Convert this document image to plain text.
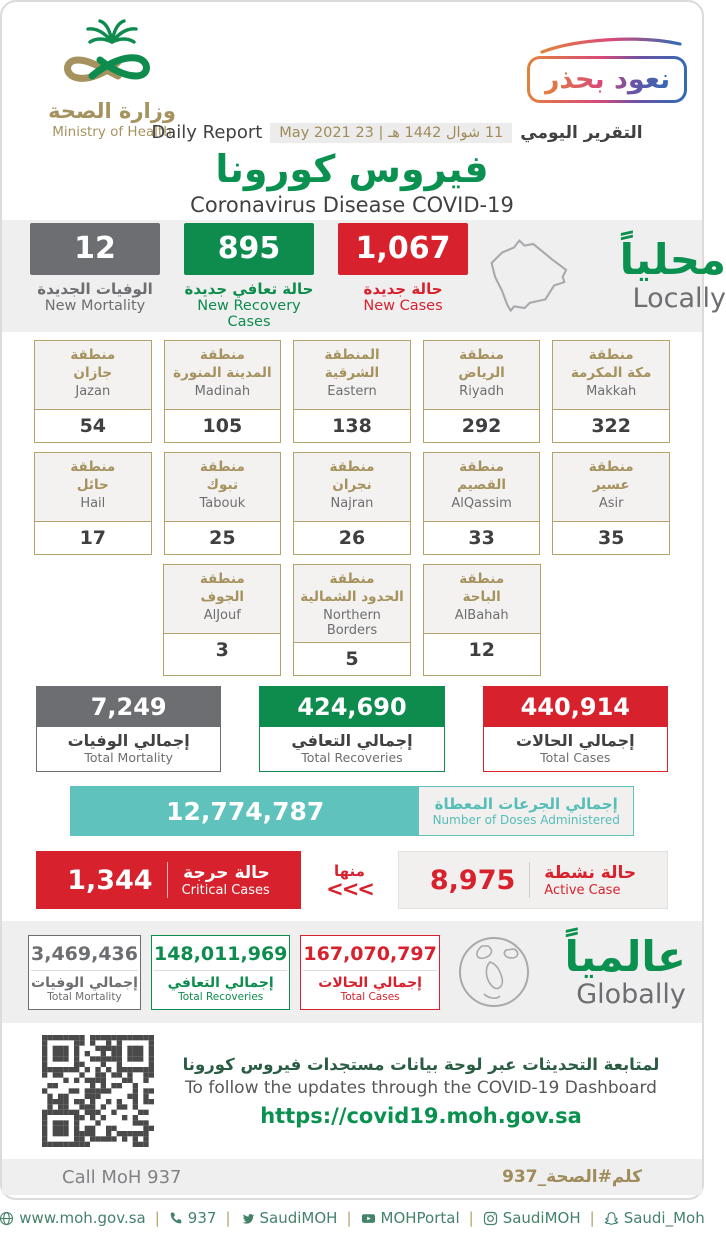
وزارة الصحة
Ministry of Health
نعود بحذر
Daily Report	11 شوال 1442 هـ | 23 May 2021	التقرير اليومي
فيروس كورونا
Coronavirus Disease COVID-19
12
الوفيات الجديدة
New Mortality
895
حالة تعافي جديدة
New Recovery Cases
1,067
حالة جديدة
New Cases
محلياً
Locally
منطقة
جازان
Jazan
54
منطقة
المدينة المنورة
Madinah
105
المنطقة
الشرقية
Eastern
138
منطقة
الرياض
Riyadh
292
منطقة
مكة المكرمة
Makkah
322
منطقة
حائل
Hail
17
منطقة
تبوك
Tabouk
25
منطقة
نجران
Najran
26
منطقة
القصيم
AlQassim
33
منطقة
عسير
Asir
35
منطقة
الجوف
AlJouf
3
منطقة
الحدود الشمالية
Northern Borders
5
منطقة
الباحة
AlBahah
12
7,249
إجمالي الوفيات
Total Mortality
424,690
إجمالي التعافي
Total Recoveries
440,914
إجمالي الحالات
Total Cases
12,774,787	إجمالي الجرعات المعطاة
Number of Doses Administered
1,344 حالة حرجة
Critical Cases
منها
<<<	8,975 حالة نشطة
Active Case
3,469,436
إجمالي الوفيات
Total Mortality
148,011,969
إجمالي التعافي
Total Recoveries
167,070,797
إجمالي الحالات
Total Cases
عالمياً
Globally
لمتابعة التحديثات عبر لوحة بيانات مستجدات فيروس كورونا
To follow the updates through the COVID-19 Dashboard
https://covid19.moh.gov.sa
Call MoH 937	كلم#الصحة_937
www.moh.gov.sa | 937 | SaudiMOH | MOHPortal | SaudiMOH | Saudi_Moh
